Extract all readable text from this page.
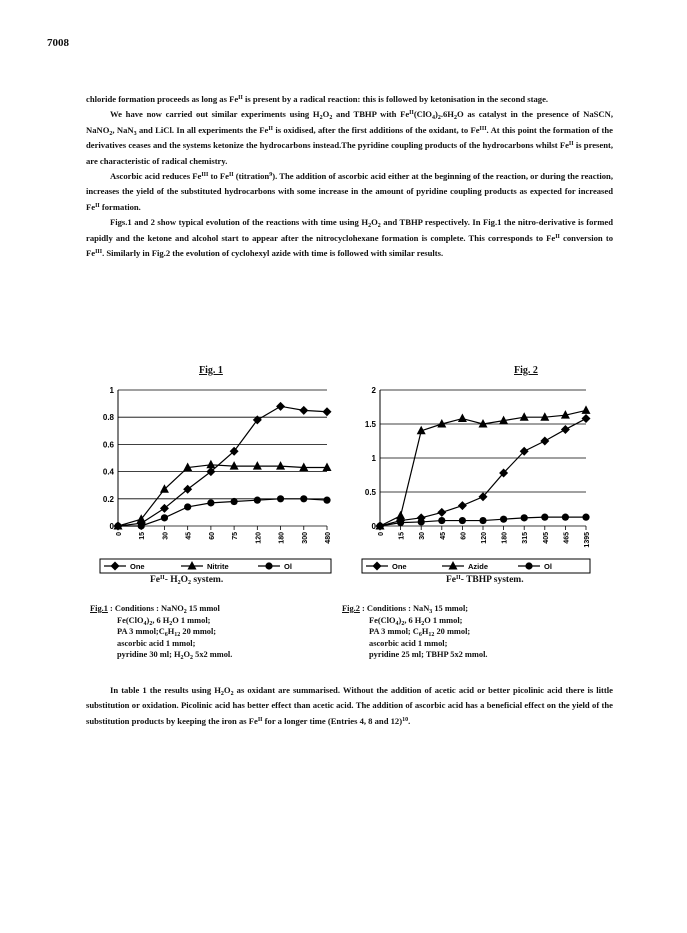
7008

chloride formation proceeds as long as $Fe^{II}$ is present by a radical reaction: this is followed by ketonisation in the second stage.

We have now carried out similar experiments using $H_2O_2$ and TBHP with $Fe^{II}(ClO_4)_2.6H_2O$ as catalyst in the presence of NaSCN, NaNO$_2$, NaN$_3$ and LiCl. In all experiments the $Fe^{II}$ is oxidised, after the first additions of the oxidant, to $Fe^{III}$. At this point the formation of the derivatives ceases and the systems ketonize the hydrocarbons instead.The pyridine coupling products of the hydrocarbons whilst $Fe^{II}$ is present, are characteristic of radical chemistry.

Ascorbic acid reduces $Fe^{III}$ to $Fe^{II}$ (titration$^9$). The addition of ascorbic acid either at the beginning of the reaction, or during the reaction, increases the yield of the substituted hydrocarbons with some increase in the amount of pyridine coupling products as expected for increased $Fe^{II}$ formation.

Figs.1 and 2 show typical evolution of the reactions with time using $H_2O_2$ and TBHP respectively. In Fig.1 the nitro-derivative is formed rapidly and the ketone and alcohol start to appear after the nitrocyclohexane formation is complete. This corresponds to $Fe^{II}$ conversion to $Fe^{III}$. Similarly in Fig.2 the evolution of cyclohexyl azide with time is followed with similar results.

Fig. 1	Fig. 2
0
0.2
0.4
0.6
0.8
1
0 15 30 45 60 75 120 180 300 480
One	Nitrite	Ol
0
0.5
1
1.5
2
0 15 30 45 60 120 180 315 405 465 1395
One	Azide	Ol
$Fe^{II}-$ $H_2O_2$ system.	$Fe^{II}-$ TBHP system.
Fig.1 : Conditions : NaNO$_2$ 15 mmol
$Fe(ClO_4)_2$, 6 $H_2O$ 1 mmol;
PA 3 $mmol;C_6H_{12}$ 20 mmol;
ascorbic acid 1 mmol;
pyridine 30 ml; $H_2O_2$ 5x2 mmol.
Fig.2 : Conditions : NaN$_3$ 15 mmol;
$Fe(ClO_4)_2$, 6 $H_2O$ 1 mmol;
PA 3 mmol; $C_6H_{12}$ 20 mmol;
ascorbic acid 1 mmol;
pyridine 25 ml; TBHP 5x2 mmol.
In table 1 the results using $H_2O_2$ as oxidant are summarised. Without the addition of acetic acid or better picolinic acid there is little substitution or oxidation. Picolinic acid has better effect than acetic acid. The addition of ascorbic acid has a beneficial effect on the yield of the substitution products by keeping the iron as $Fe^{II}$ for a longer time (Entries 4, 8 and 12)$^{10}$.
